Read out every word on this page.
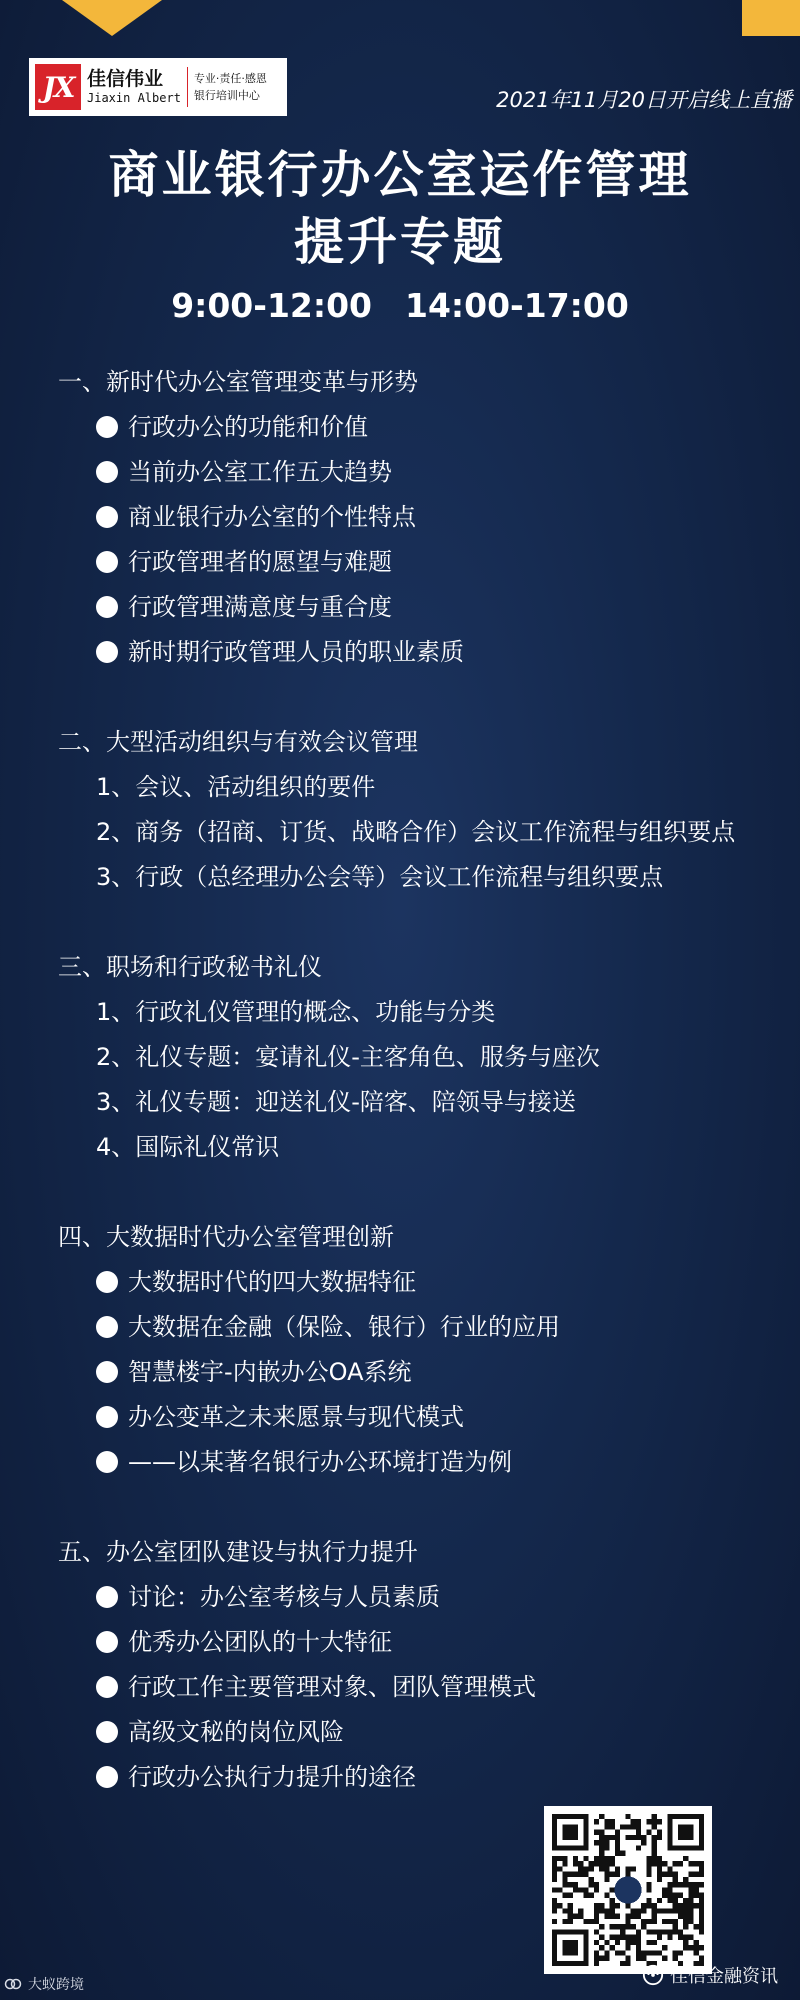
JX 佳信伟业
Jiaxin Albert
专业·责任·感恩
银行培训中心	2021年11月20日开启线上直播
商业银行办公室运作管理
提升专题
9:00-12:00　14:00-17:00
一、新时代办公室管理变革与形势
行政办公的功能和价值
当前办公室工作五大趋势
商业银行办公室的个性特点
行政管理者的愿望与难题
行政管理满意度与重合度
新时期行政管理人员的职业素质
二、大型活动组织与有效会议管理
1、会议、活动组织的要件
2、商务（招商、订货、战略合作）会议工作流程与组织要点
3、行政（总经理办公会等）会议工作流程与组织要点
三、职场和行政秘书礼仪
1、行政礼仪管理的概念、功能与分类
2、礼仪专题：宴请礼仪-主客角色、服务与座次
3、礼仪专题：迎送礼仪-陪客、陪领导与接送
4、国际礼仪常识
四、大数据时代办公室管理创新
大数据时代的四大数据特征
大数据在金融（保险、银行）行业的应用
智慧楼宇-内嵌办公OA系统
办公变革之未来愿景与现代模式
——以某著名银行办公环境打造为例
五、办公室团队建设与执行力提升
讨论：办公室考核与人员素质
优秀办公团队的十大特征
行政工作主要管理对象、团队管理模式
高级文秘的岗位风险
行政办公执行力提升的途径
佳信金融资讯
大蚁跨境
